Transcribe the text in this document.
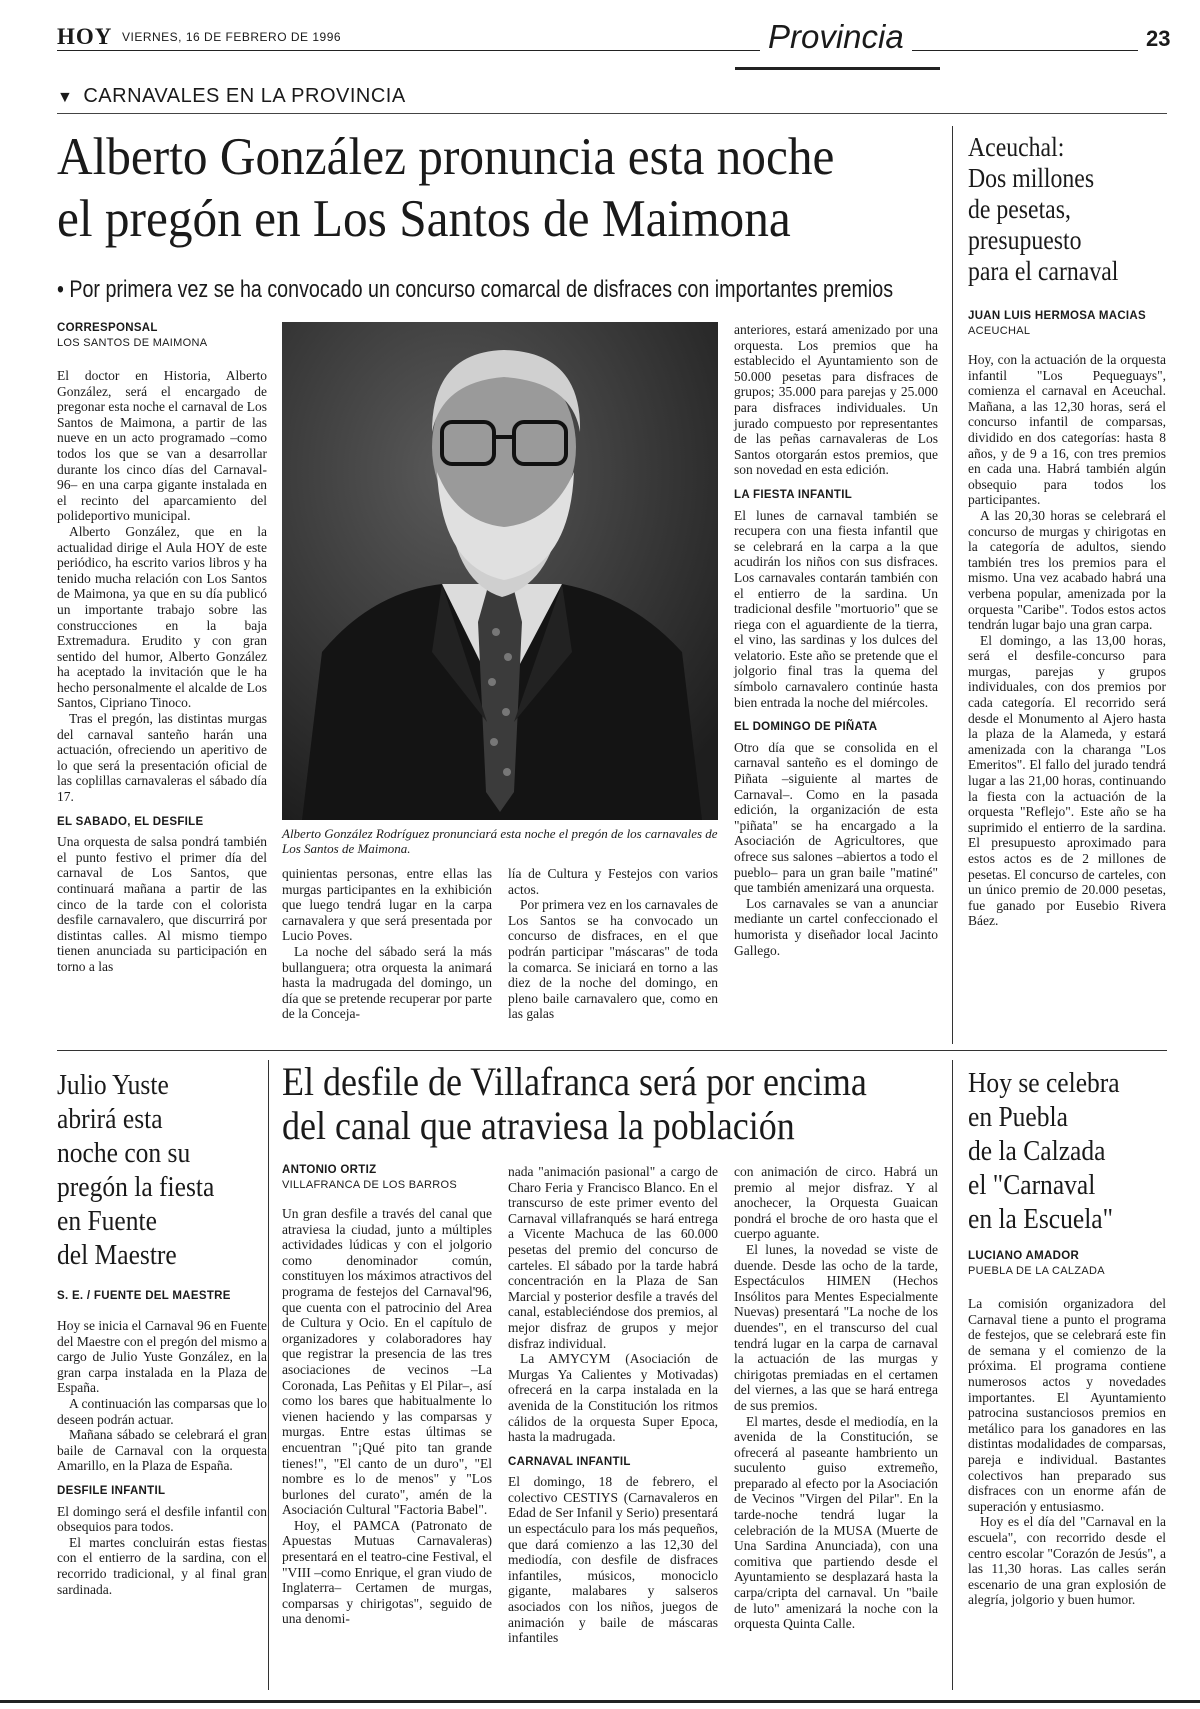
HOY VIERNES, 16 DE FEBRERO DE 1996	Provincia	23
▼ CARNAVALES EN LA PROVINCIA
Alberto González pronuncia esta noche
el pregón en Los Santos de Maimona
• Por primera vez se ha convocado un concurso comarcal de disfraces con importantes premios
CORRESPONSAL
LOS SANTOS DE MAIMONA

El doctor en Historia, Alberto González, será el encargado de pregonar esta noche el carnaval de Los Santos de Maimona, a partir de las nueve en un acto programado –como todos los que se van a desarrollar durante los cinco días del Carnaval-96– en una carpa gigante instalada en el recinto del aparcamiento del polideportivo municipal.

Alberto González, que en la actualidad dirige el Aula HOY de este periódico, ha escrito varios libros y ha tenido mucha relación con Los Santos de Maimona, ya que en su día publicó un importante trabajo sobre las construcciones en la baja Extremadura. Erudito y con gran sentido del humor, Alberto González ha aceptado la invitación que le ha hecho personalmente el alcalde de Los Santos, Cipriano Tinoco.

Tras el pregón, las distintas murgas del carnaval santeño harán una actuación, ofreciendo un aperitivo de lo que será la presentación oficial de las coplillas carnavaleras el sábado día 17.

EL SABADO, EL DESFILE

Una orquesta de salsa pondrá también el punto festivo el primer día del carnaval de Los Santos, que continuará mañana a partir de las cinco de la tarde con el colorista desfile carnavalero, que discurrirá por distintas calles. Al mismo tiempo tienen anunciada su participación en torno a las

Alberto González Rodríguez pronunciará esta noche el pregón de los carnavales de Los Santos de Maimona.

quinientas personas, entre ellas las murgas participantes en la exhibición que luego tendrá lugar en la carpa carnavalera y que será presentada por Lucio Poves.

La noche del sábado será la más bullanguera; otra orquesta la animará hasta la madrugada del domingo, un día que se pretende recuperar por parte de la Conceja-

lía de Cultura y Festejos con varios actos.

Por primera vez en los carnavales de Los Santos se ha convocado un concurso de disfraces, en el que podrán participar "máscaras" de toda la comarca. Se iniciará en torno a las diez de la noche del domingo, en pleno baile carnavalero que, como en las galas

anteriores, estará amenizado por una orquesta. Los premios que ha establecido el Ayuntamiento son de 50.000 pesetas para disfraces de grupos; 35.000 para parejas y 25.000 para disfraces individuales. Un jurado compuesto por representantes de las peñas carnavaleras de Los Santos otorgarán estos premios, que son novedad en esta edición.

LA FIESTA INFANTIL

El lunes de carnaval también se recupera con una fiesta infantil que se celebrará en la carpa a la que acudirán los niños con sus disfraces. Los carnavales contarán también con el entierro de la sardina. Un tradicional desfile "mortuorio" que se riega con el aguardiente de la tierra, el vino, las sardinas y los dulces del velatorio. Este año se pretende que el jolgorio final tras la quema del símbolo carnavalero continúe hasta bien entrada la noche del miércoles.

EL DOMINGO DE PIÑATA

Otro día que se consolida en el carnaval santeño es el domingo de Piñata –siguiente al martes de Carnaval–. Como en la pasada edición, la organización de esta "piñata" se ha encargado a la Asociación de Agricultores, que ofrece sus salones –abiertos a todo el pueblo– para un gran baile "matiné" que también amenizará una orquesta.

Los carnavales se van a anunciar mediante un cartel confeccionado el humorista y diseñador local Jacinto Gallego.

Aceuchal:
Dos millones
de pesetas,
presupuesto
para el carnaval
JUAN LUIS HERMOSA MACIAS
ACEUCHAL

Hoy, con la actuación de la orquesta infantil "Los Pequeguays", comienza el carnaval en Aceuchal. Mañana, a las 12,30 horas, será el concurso infantil de comparsas, dividido en dos categorías: hasta 8 años, y de 9 a 16, con tres premios en cada una. Habrá también algún obsequio para todos los participantes.

A las 20,30 horas se celebrará el concurso de murgas y chirigotas en la categoría de adultos, siendo también tres los premios para el mismo. Una vez acabado habrá una verbena popular, amenizada por la orquesta "Caribe". Todos estos actos tendrán lugar bajo una gran carpa.

El domingo, a las 13,00 horas, será el desfile-concurso para murgas, parejas y grupos individuales, con dos premios por cada categoría. El recorrido será desde el Monumento al Ajero hasta la plaza de la Alameda, y estará amenizada con la charanga "Los Emeritos". El fallo del jurado tendrá lugar a las 21,00 horas, continuando la fiesta con la actuación de la orquesta "Reflejo". Este año se ha suprimido el entierro de la sardina. El presupuesto aproximado para estos actos es de 2 millones de pesetas. El concurso de carteles, con un único premio de 20.000 pesetas, fue ganado por Eusebio Rivera Báez.

Julio Yuste
abrirá esta
noche con su
pregón la fiesta
en Fuente
del Maestre
S. E. / FUENTE DEL MAESTRE

Hoy se inicia el Carnaval 96 en Fuente del Maestre con el pregón del mismo a cargo de Julio Yuste González, en la gran carpa instalada en la Plaza de España.

A continuación las comparsas que lo deseen podrán actuar.

Mañana sábado se celebrará el gran baile de Carnaval con la orquesta Amarillo, en la Plaza de España.

DESFILE INFANTIL

El domingo será el desfile infantil con obsequios para todos.

El martes concluirán estas fiestas con el entierro de la sardina, con el recorrido tradicional, y al final gran sardinada.

El desfile de Villafranca será por encima
del canal que atraviesa la población
ANTONIO ORTIZ
VILLAFRANCA DE LOS BARROS

Un gran desfile a través del canal que atraviesa la ciudad, junto a múltiples actividades lúdicas y con el jolgorio como denominador común, constituyen los máximos atractivos del programa de festejos del Carnaval'96, que cuenta con el patrocinio del Area de Cultura y Ocio. En el capítulo de organizadores y colaboradores hay que registrar la presencia de las tres asociaciones de vecinos –La Coronada, Las Peñitas y El Pilar–, así como los bares que habitualmente lo vienen haciendo y las comparsas y murgas. Entre estas últimas se encuentran "¡Qué pito tan grande tienes!", "El canto de un duro", "El nombre es lo de menos" y "Los burlones del curato", amén de la Asociación Cultural "Factoria Babel".

Hoy, el PAMCA (Patronato de Apuestas Mutuas Carnavaleras) presentará en el teatro-cine Festival, el "VIII –como Enrique, el gran viudo de Inglaterra– Certamen de murgas, comparsas y chirigotas", seguido de una denomi-

nada "animación pasional" a cargo de Charo Feria y Francisco Blanco. En el transcurso de este primer evento del Carnaval villafranqués se hará entrega a Vicente Machuca de las 60.000 pesetas del premio del concurso de carteles. El sábado por la tarde habrá concentración en la Plaza de San Marcial y posterior desfile a través del canal, estableciéndose dos premios, al mejor disfraz de grupos y mejor disfraz individual.

La AMYCYM (Asociación de Murgas Ya Calientes y Motivadas) ofrecerá en la carpa instalada en la avenida de la Constitución los ritmos cálidos de la orquesta Super Epoca, hasta la madrugada.

CARNAVAL INFANTIL

El domingo, 18 de febrero, el colectivo CESTIYS (Carnavaleros en Edad de Ser Infanil y Serio) presentará un espectáculo para los más pequeños, que dará comienzo a las 12,30 del mediodía, con desfile de disfraces infantiles, músicos, monociclo gigante, malabares y salseros asociados con los niños, juegos de animación y baile de máscaras infantiles

con animación de circo. Habrá un premio al mejor disfraz. Y al anochecer, la Orquesta Guaican pondrá el broche de oro hasta que el cuerpo aguante.

El lunes, la novedad se viste de duende. Desde las ocho de la tarde, Espectáculos HIMEN (Hechos Insólitos para Mentes Especialmente Nuevas) presentará "La noche de los duendes", en el transcurso del cual tendrá lugar en la carpa de carnaval la actuación de las murgas y chirigotas premiadas en el certamen del viernes, a las que se hará entrega de sus premios.

El martes, desde el mediodía, en la avenida de la Constitución, se ofrecerá al paseante hambriento un suculento guiso extremeño, preparado al efecto por la Asociación de Vecinos "Virgen del Pilar". En la tarde-noche tendrá lugar la celebración de la MUSA (Muerte de Una Sardina Anunciada), con una comitiva que partiendo desde el Ayuntamiento se desplazará hasta la carpa/cripta del carnaval. Un "baile de luto" amenizará la noche con la orquesta Quinta Calle.

Hoy se celebra
en Puebla
de la Calzada
el "Carnaval
en la Escuela"
LUCIANO AMADOR
PUEBLA DE LA CALZADA

La comisión organizadora del Carnaval tiene a punto el programa de festejos, que se celebrará este fin de semana y el comienzo de la próxima. El programa contiene numerosos actos y novedades importantes. El Ayuntamiento patrocina sustanciosos premios en metálico para los ganadores en las distintas modalidades de comparsas, pareja e individual. Bastantes colectivos han preparado sus disfraces con un enorme afán de superación y entusiasmo.

Hoy es el día del "Carnaval en la escuela", con recorrido desde el centro escolar "Corazón de Jesús", a las 11,30 horas. Las calles serán escenario de una gran explosión de alegría, jolgorio y buen humor.
